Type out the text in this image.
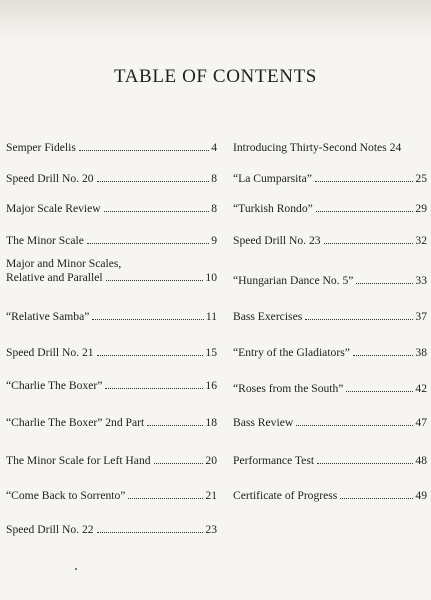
TABLE OF CONTENTS
Semper Fidelis	4
Speed Drill No. 20	8
Major Scale Review	8
The Minor Scale	9
Major and Minor Scales,
Relative and Parallel	10
“Relative Samba”	11
Speed Drill No. 21	15
“Charlie The Boxer”	16
“Charlie The Boxer” 2nd Part	18
The Minor Scale for Left Hand	20
“Come Back to Sorrento”	21
Speed Drill No. 22	23
Introducing Thirty-Second Notes 24
“La Cumparsita”	25
“Turkish Rondo”	29
Speed Drill No. 23	32
“Hungarian Dance No. 5”	33
Bass Exercises	37
“Entry of the Gladiators”	38
“Roses from the South”	42
Bass Review	47
Performance Test	48
Certificate of Progress	49
